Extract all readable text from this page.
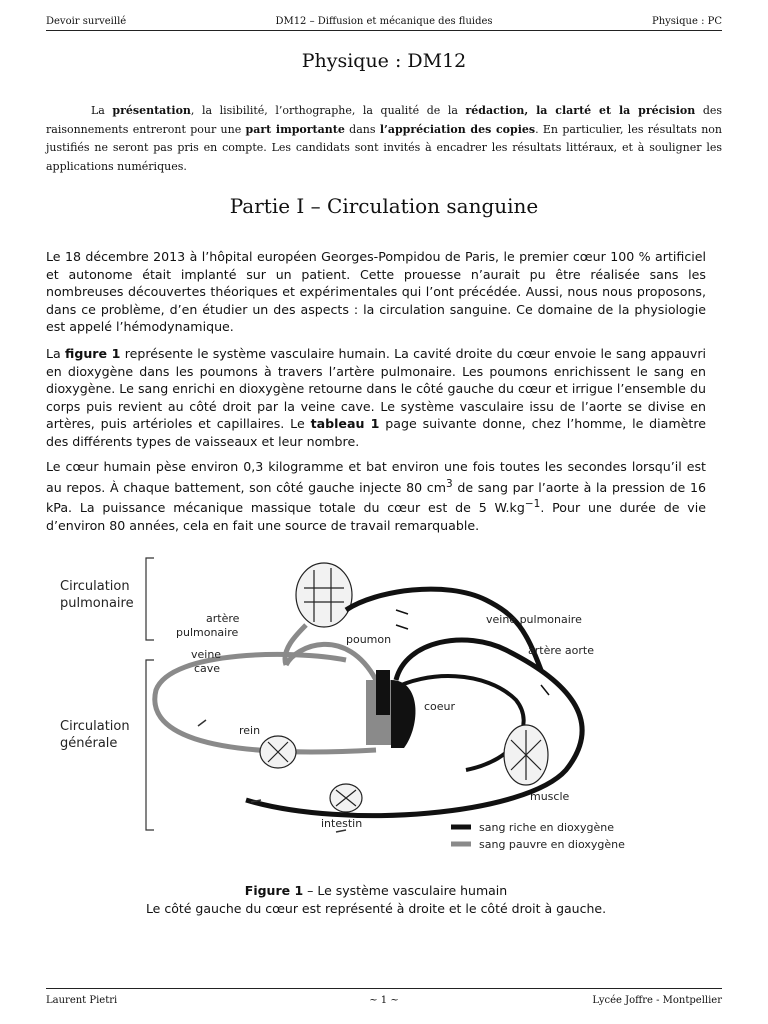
Devoir surveillé	DM12 – Diffusion et mécanique des fluides	Physique : PC
Physique : DM12
La présentation, la lisibilité, l’orthographe, la qualité de la rédaction, la clarté et la précision des raisonnements entreront pour une part importante dans l’appréciation des copies. En particulier, les résultats non justifiés ne seront pas pris en compte. Les candidats sont invités à encadrer les résultats littéraux, et à souligner les applications numériques.
Partie I – Circulation sanguine
Le 18 décembre 2013 à l’hôpital européen Georges-Pompidou de Paris, le premier cœur 100 % artificiel et autonome était implanté sur un patient. Cette prouesse n’aurait pu être réalisée sans les nombreuses découvertes théoriques et expérimentales qui l’ont précédée. Aussi, nous nous proposons, dans ce problème, d’en étudier un des aspects : la circulation sanguine. Ce domaine de la physiologie est appelé l’hémodynamique.
La figure 1 représente le système vasculaire humain. La cavité droite du cœur envoie le sang appauvri en dioxygène dans les poumons à travers l’artère pulmonaire. Les poumons enrichissent le sang en dioxygène. Le sang enrichi en dioxygène retourne dans le côté gauche du cœur et irrigue l’ensemble du corps puis revient au côté droit par la veine cave. Le système vasculaire issu de l’aorte se divise en artères, puis artérioles et capillaires. Le tableau 1 page suivante donne, chez l’homme, le diamètre des différents types de vaisseaux et leur nombre.
Le cœur humain pèse environ 0,3 kilogramme et bat environ une fois toutes les secondes lorsqu’il est au repos. À chaque battement, son côté gauche injecte 80 $cm^3$ de sang par l’aorte à la pression de 16 kPa. La puissance mécanique massique totale du cœur est de 5 $W.kg^{-1}$. Pour une durée de vie d’environ 80 années, cela en fait une source de travail remarquable.
Circulation
pulmonaire
Circulation
générale
artère
pulmonaire
veine
cave
poumon
veine pulmonaire
artère aorte
coeur
rein
muscle
intestin	sang riche en dioxygène
sang pauvre en dioxygène
Figure 1 – Le système vasculaire humain
Le côté gauche du cœur est représenté à droite et le côté droit à gauche.
Laurent Pietri	~ 1 ~	Lycée Joffre - Montpellier
